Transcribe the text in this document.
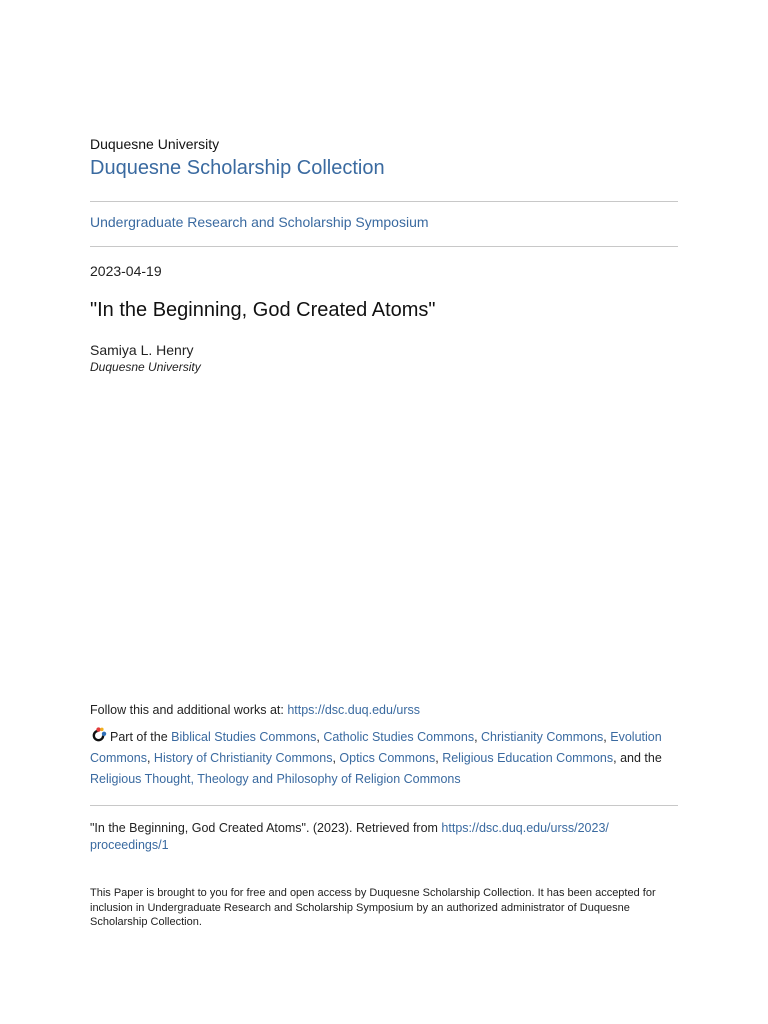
Duquesne University
Duquesne Scholarship Collection
Undergraduate Research and Scholarship Symposium
2023-04-19
"In the Beginning, God Created Atoms"
Samiya L. Henry
Duquesne University
Follow this and additional works at: https://dsc.duq.edu/urss
Part of the Biblical Studies Commons, Catholic Studies Commons, Christianity Commons, Evolution Commons, History of Christianity Commons, Optics Commons, Religious Education Commons, and the
Religious Thought, Theology and Philosophy of Religion Commons
"In the Beginning, God Created Atoms". (2023). Retrieved from https://dsc.duq.edu/urss/2023/
proceedings/1
This Paper is brought to you for free and open access by Duquesne Scholarship Collection. It has been accepted for inclusion in Undergraduate Research and Scholarship Symposium by an authorized administrator of Duquesne Scholarship Collection.
